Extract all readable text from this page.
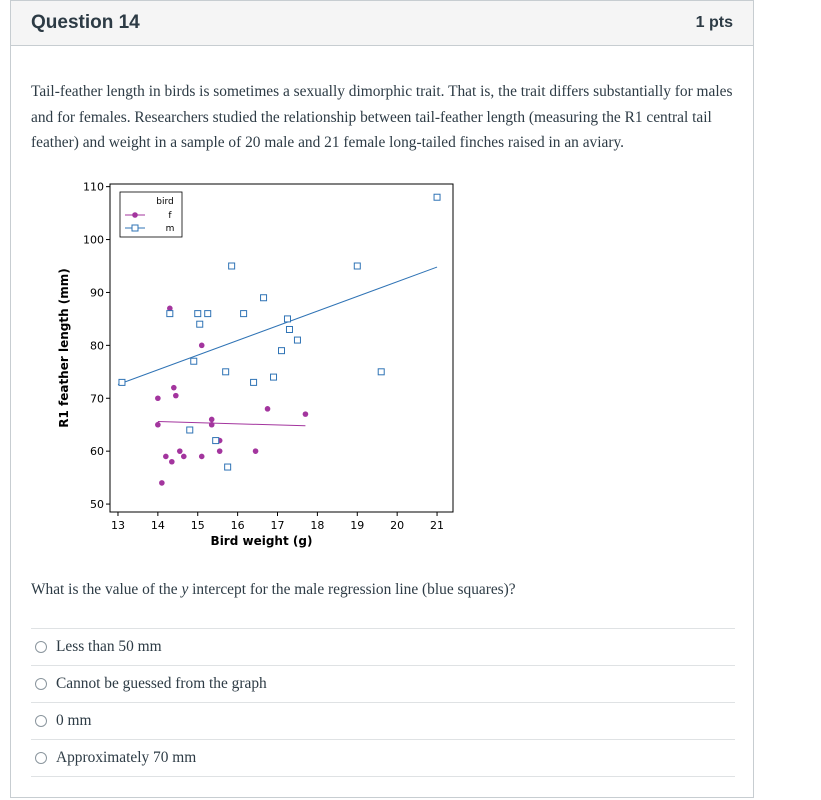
Question 14	1 pts
Tail-feather length in birds is sometimes a sexually dimorphic trait. That is, the trait differs substantially for males and for females. Researchers studied the relationship between tail-feather length (measuring the R1 central tail feather) and weight in a sample of 20 male and 21 female long-tailed finches raised in an aviary.
50
60
70
80
90
100
110
13 14 15 16 17 18 19 20 21
Bird weight (g)
R1 feather length (mm)
bird
f
m
What is the value of the y intercept for the male regression line (blue squares)?
Less than 50 mm
Cannot be guessed from the graph
0 mm
Approximately 70 mm
